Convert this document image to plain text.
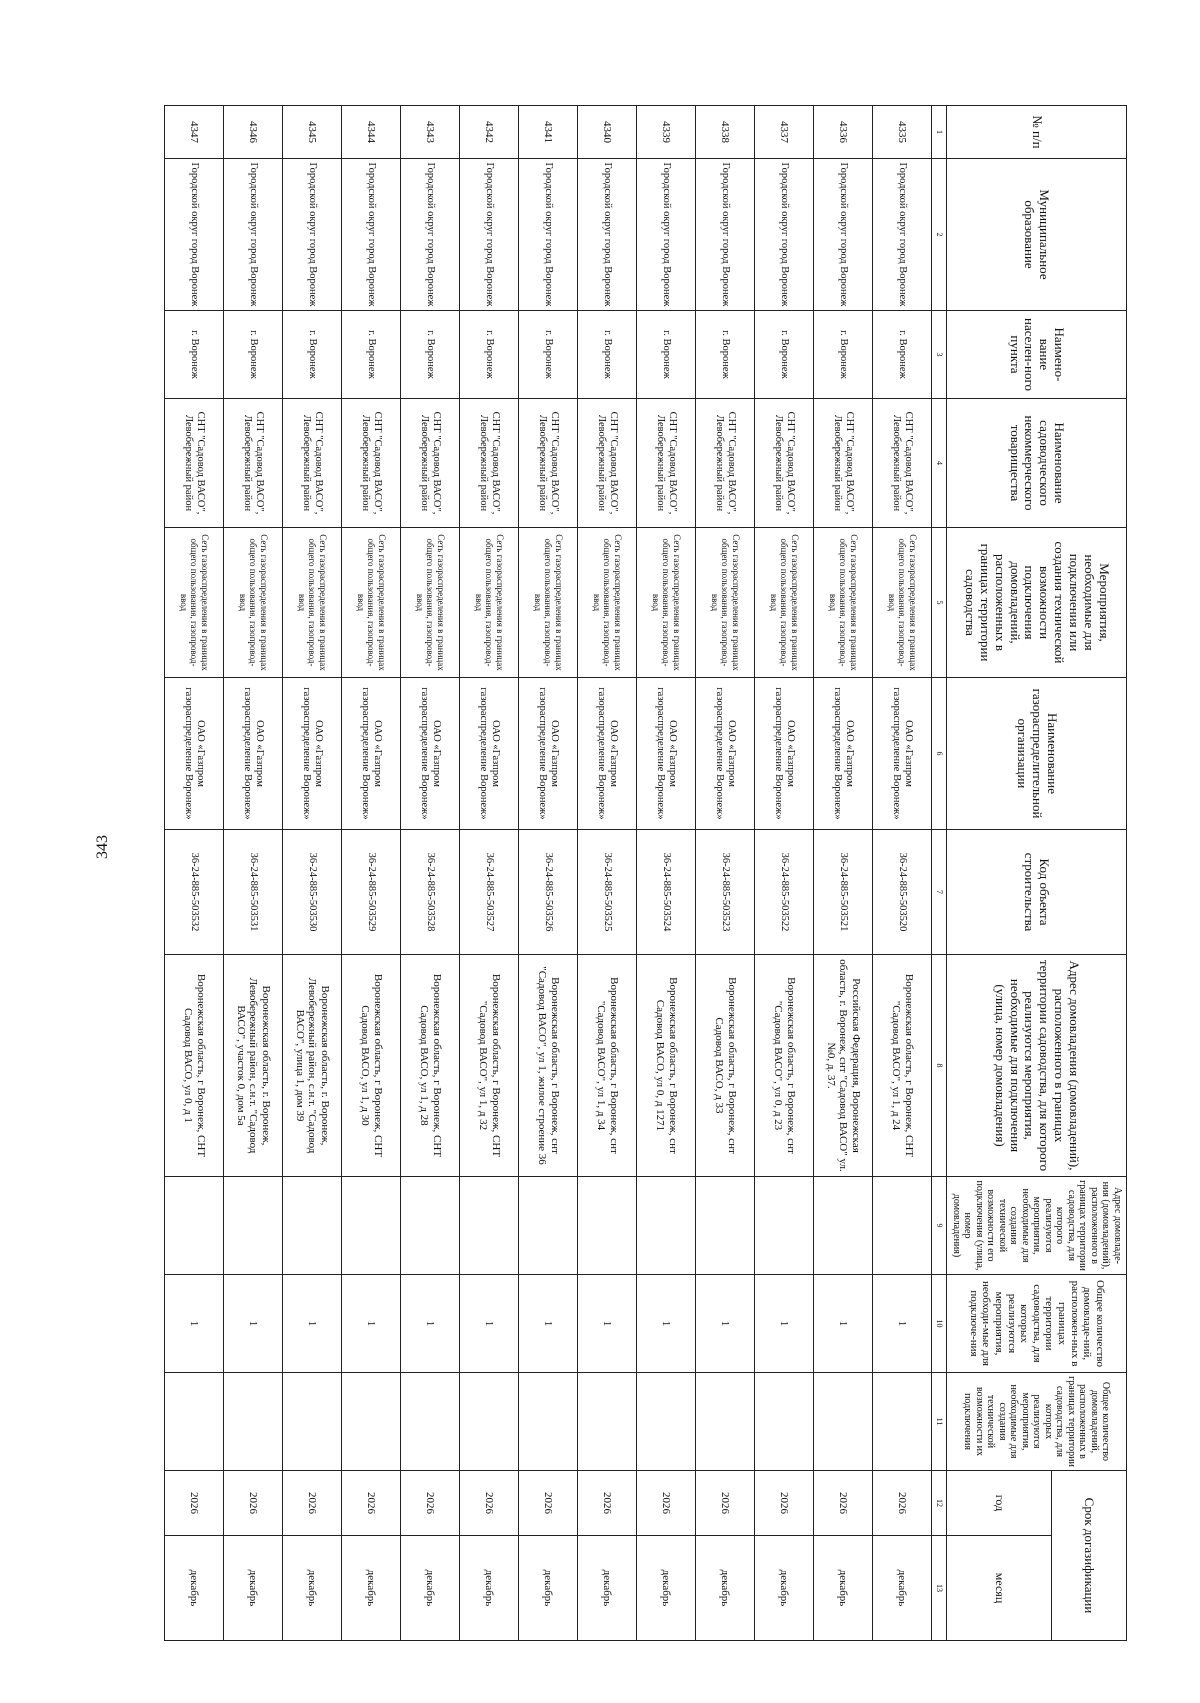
343
№ п/п	Муниципальное образование	Наимено-вание населен-ного пункта	Наименование садоводческого некоммерческого товарищества	Мероприятия, необходимые для подключения или создания технической возможности подключения домовладений, расположенных в границах территории садоводства	Наименование газораспределительной организации	Код объекта строительства	Адрес домовладения (домовладений), расположенного в границах территории садоводства, для которого реализуются мероприятия, необходимые для подключения (улица, номер домовладения)	Адрес домовладе-ния (домовладений), расположенного в границах территории садоводства, для которого реализуются мероприятия, необходимые для создания технической возможности его подключения (улица, номер домовладения)	Общее количество домовладе-ний, расположен-ных в границах территории садоводства, для которых реализуются мероприятия, необходи-мые для подключе-ния	Общее количество домовладений, расположенных в границах территории садоводства, для которых реализуются мероприятия, необходимые для создания технической возможности их подключения	Срок догазификации	
											год	месяц
1	2	3	4	5	6	7	8	9	10	11	12	13
4335	Городской округ город Воронеж	г. Воронеж	СНТ "Садовод ВАСО", Левобережный район	Сеть газораспределения в границах общего пользования, газопровод-ввод	ОАО «Газпром газораспределение Воронеж»	36-24-885-503520	Воронежская область, г Воронеж, СНТ "Садовод ВАСО", ул 1, д 24		1		2026	декабрь
4336	Городской округ город Воронеж	г. Воронеж	СНТ "Садовод ВАСО", Левобережный район	Сеть газораспределения в границах общего пользования, газопровод-ввод	ОАО «Газпром газораспределение Воронеж»	36-24-885-503521	Российская Федерация, Воронежская область, г. Воронеж, снт "Садовод ВАСО" ул. №0, д. 37.		1		2026	декабрь
4337	Городской округ город Воронеж	г. Воронеж	СНТ "Садовод ВАСО", Левобережный район	Сеть газораспределения в границах общего пользования, газопровод-ввод	ОАО «Газпром газораспределение Воронеж»	36-24-885-503522	Воронежская область, г Воронеж, снт "Садовод ВАСО", ул 0, д 23		1		2026	декабрь
4338	Городской округ город Воронеж	г. Воронеж	СНТ "Садовод ВАСО", Левобережный район	Сеть газораспределения в границах общего пользования, газопровод-ввод	ОАО «Газпром газораспределение Воронеж»	36-24-885-503523	Воронежская область, г Воронеж, снт Садовод ВАСО, д 33		1		2026	декабрь
4339	Городской округ город Воронеж	г. Воронеж	СНТ "Садовод ВАСО", Левобережный район	Сеть газораспределения в границах общего пользования, газопровод-ввод	ОАО «Газпром газораспределение Воронеж»	36-24-885-503524	Воронежская область, г Воронеж, снт Садовод ВАСО, ул 0, д 1271		1		2026	декабрь
4340	Городской округ город Воронеж	г. Воронеж	СНТ "Садовод ВАСО", Левобережный район	Сеть газораспределения в границах общего пользования, газопровод-ввод	ОАО «Газпром газораспределение Воронеж»	36-24-885-503525	Воронежская область, г Воронеж, снт "Садовод ВАСО", ул 1, д 34		1		2026	декабрь
4341	Городской округ город Воронеж	г. Воронеж	СНТ "Садовод ВАСО", Левобережный район	Сеть газораспределения в границах общего пользования, газопровод-ввод	ОАО «Газпром газораспределение Воронеж»	36-24-885-503526	Воронежская область, г Воронеж, снт "Садовод ВАСО", ул 1, жилое строение 36		1		2026	декабрь
4342	Городской округ город Воронеж	г. Воронеж	СНТ "Садовод ВАСО", Левобережный район	Сеть газораспределения в границах общего пользования, газопровод-ввод	ОАО «Газпром газораспределение Воронеж»	36-24-885-503527	Воронежская область, г Воронеж, СНТ "Садовод ВАСО", ул 1, д 32		1		2026	декабрь
4343	Городской округ город Воронеж	г. Воронеж	СНТ "Садовод ВАСО", Левобережный район	Сеть газораспределения в границах общего пользования, газопровод-ввод	ОАО «Газпром газораспределение Воронеж»	36-24-885-503528	Воронежская область, г Воронеж, СНТ Садовод ВАСО, ул 1, д 28		1		2026	декабрь
4344	Городской округ город Воронеж	г. Воронеж	СНТ "Садовод ВАСО", Левобережный район	Сеть газораспределения в границах общего пользования, газопровод-ввод	ОАО «Газпром газораспределение Воронеж»	36-24-885-503529	Воронежская область, г Воронеж, СНТ Садовод ВАСО, ул 1, д 30		1		2026	декабрь
4345	Городской округ город Воронеж	г. Воронеж	СНТ "Садовод ВАСО", Левобережный район	Сеть газораспределения в границах общего пользования, газопровод-ввод	ОАО «Газпром газораспределение Воронеж»	36-24-885-503530	Воронежская область, г. Воронеж, Левобережный район, с.н.т. "Садовод ВАСО", улица 1, дом 39		1		2026	декабрь
4346	Городской округ город Воронеж	г. Воронеж	СНТ "Садовод ВАСО", Левобережный район	Сеть газораспределения в границах общего пользования, газопровод-ввод	ОАО «Газпром газораспределение Воронеж»	36-24-885-503531	Воронежская область, г. Воронеж, Левобережный район, с.н.т. "Садовод ВАСО", участок 0, дом 5а		1		2026	декабрь
4347	Городской округ город Воронеж	г. Воронеж	СНТ "Садовод ВАСО", Левобережный район	Сеть газораспределения в границах общего пользования, газопровод-ввод	ОАО «Газпром газораспределение Воронеж»	36-24-885-503532	Воронежская область, г Воронеж, СНТ Садовод ВАСО, ул 0, д 1		1		2026	декабрь
